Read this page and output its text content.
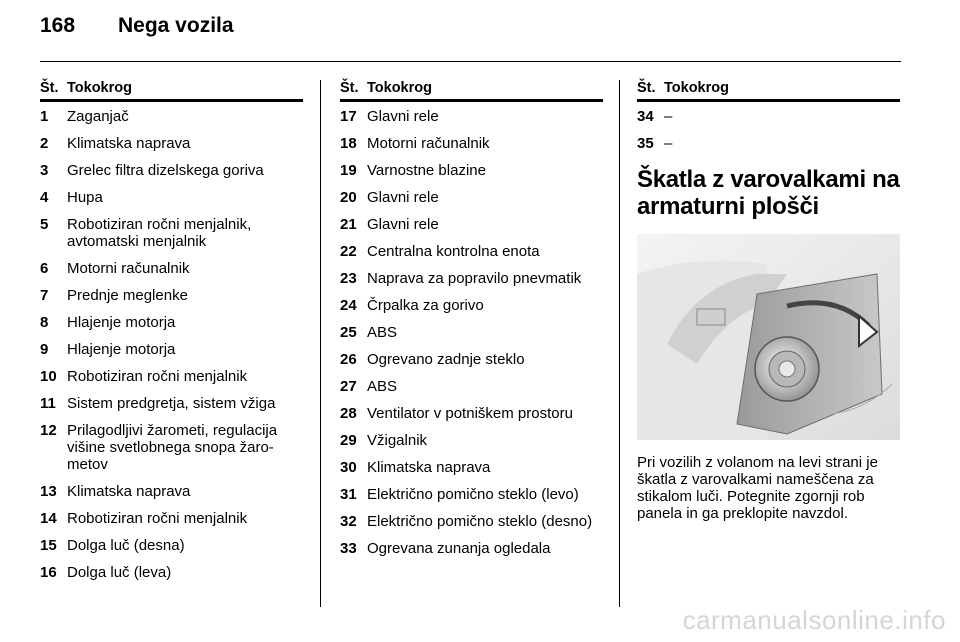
168 Nega vozila
Št. Tokokrog
1	Zaganjač
2	Klimatska naprava
3	Grelec filtra dizelskega goriva
4	Hupa
5	Robotiziran ročni menjalnik, avtomatski menjalnik
6	Motorni računalnik
7	Prednje meglenke
8	Hlajenje motorja
9	Hlajenje motorja
10 Robotiziran ročni menjalnik
11 Sistem predgretja, sistem vžiga
12 Prilagodljivi žarometi, regulacija višine svetlobnega snopa žaro-metov
13 Klimatska naprava
14 Robotiziran ročni menjalnik
15 Dolga luč (desna)
16 Dolga luč (leva)
Št. Tokokrog
17 Glavni rele
18 Motorni računalnik
19 Varnostne blazine
20 Glavni rele
21 Glavni rele
22 Centralna kontrolna enota
23 Naprava za popravilo pnevmatik
24 Črpalka za gorivo
25 ABS
26 Ogrevano zadnje steklo
27 ABS
28 Ventilator v potniškem prostoru
29 Vžigalnik
30 Klimatska naprava
31 Električno pomično steklo (levo)
32 Električno pomično steklo (desno)
33 Ogrevana zunanja ogledala
Št. Tokokrog
34 –
35 –
Škatla z varovalkami na armaturni plošči
Pri vozilih z volanom na levi strani je škatla z varovalkami nameščena za stikalom luči. Potegnite zgornji rob panela in ga preklopite navzdol.
carmanualsonline.info
